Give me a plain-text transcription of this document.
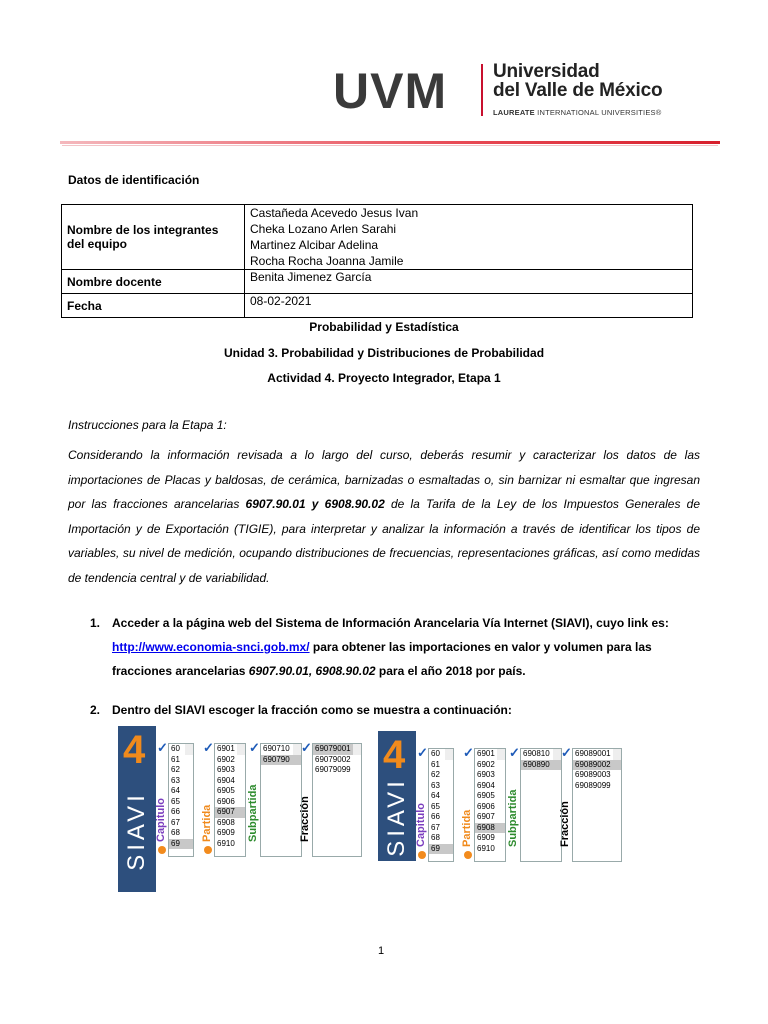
UVM Universidad
del Valle de México
LAUREATE INTERNATIONAL UNIVERSITIES®
Datos de identificación
Nombre de los integrantes del equipo	Castañeda Acevedo Jesus Ivan
Cheka Lozano Arlen Sarahi
Martinez Alcibar Adelina
Rocha Rocha Joanna Jamile

Nombre docente	Benita Jimenez García
Fecha	08-02-2021
Probabilidad y Estadística
Unidad 3. Probabilidad y Distribuciones de Probabilidad
Actividad 4. Proyecto Integrador, Etapa 1
Instrucciones para la Etapa 1:
Considerando la información revisada a lo largo del curso, deberás resumir y caracterizar los datos de las importaciones de Placas y baldosas, de cerámica, barnizadas o esmaltadas o, sin barnizar ni esmaltar que ingresan por las fracciones arancelarias 6907.90.01 y 6908.90.02 de la Tarifa de la Ley de los Impuestos Generales de Importación y de Exportación (TIGIE), para interpretar y analizar la información a través de identificar los tipos de variables, su nivel de medición, ocupando distribuciones de frecuencias, representaciones gráficas, así como medidas de tendencia central y de variabilidad.
1. Acceder a la página web del Sistema de Información Arancelaria Vía Internet (SIAVI), cuyo link es: http://www.economia-snci.gob.mx/ para obtener las importaciones en valor y volumen para las fracciones arancelarias 6907.90.01, 6908.90.02 para el año 2018 por país.
2. Dentro del SIAVI escoger la fracción como se muestra a continuación:
4
SIAVI
✓
Capitulo
60
61
62
63
64
65
66
67
68
69
✓
Partida
6901
6902
6903
6904
6905
6906
6907
6908
6909
6910
✓
Subpartida
690710
690790
✓
Fracción
69079001
69079002
69079099 4
SIAVI
✓
Capitulo
60
61
62
63
64
65
66
67
68
69
✓
Partida
6901
6902
6903
6904
6905
6906
6907
6908
6909
6910
✓
Subpartida
690810
690890
✓
Fracción
69089001
69089002
69089003
69089099
1
